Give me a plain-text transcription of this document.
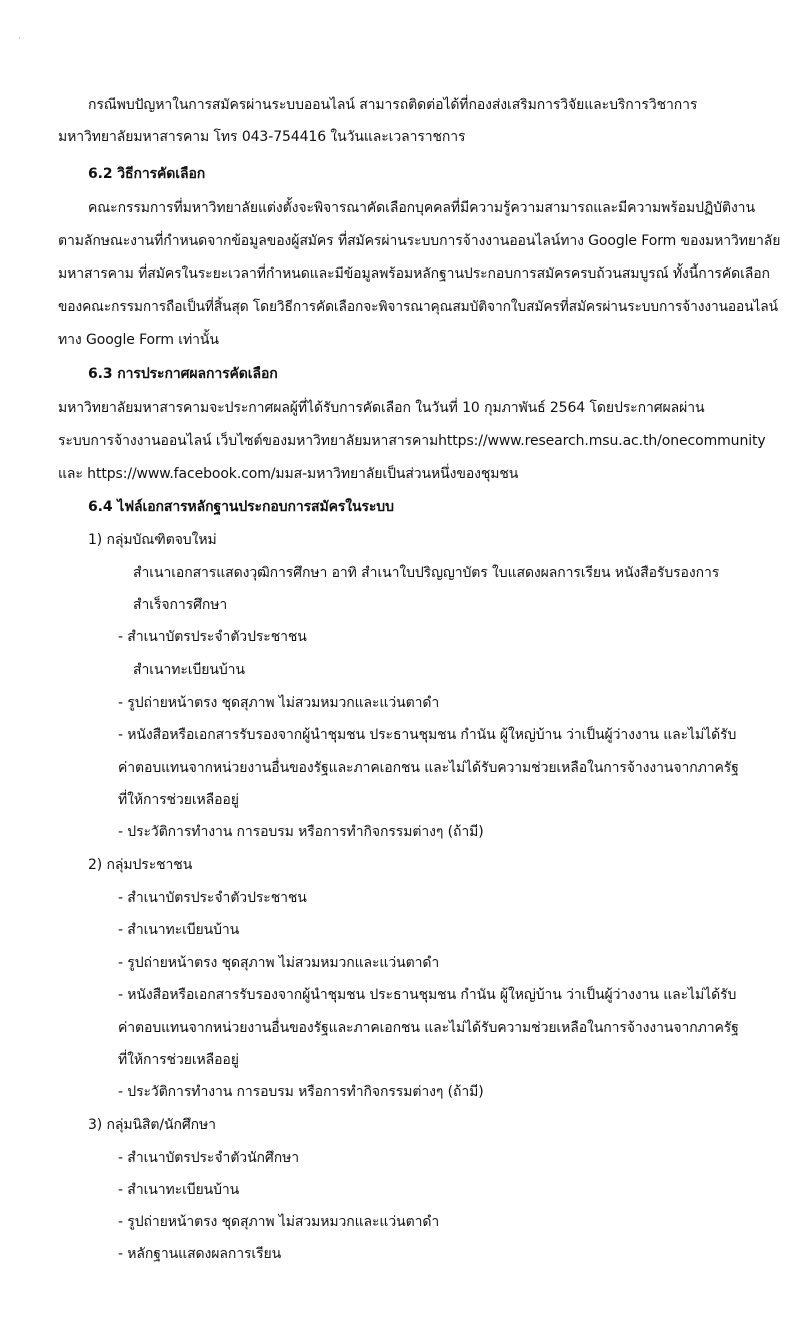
·
กรณีพบปัญหาในการสมัครผ่านระบบออนไลน์ สามารถติดต่อได้ที่กองส่งเสริมการวิจัยและบริการวิชาการ
มหาวิทยาลัยมหาสารคาม โทร 043-754416 ในวันและเวลาราชการ
6.2 วิธีการคัดเลือก
คณะกรรมการที่มหาวิทยาลัยแต่งตั้งจะพิจารณาคัดเลือกบุคคลที่มีความรู้ความสามารถและมีความพร้อมปฏิบัติงาน
ตามลักษณะงานที่กำหนดจากข้อมูลของผู้สมัคร ที่สมัครผ่านระบบการจ้างงานออนไลน์ทาง Google Form ของมหาวิทยาลัย
มหาสารคาม ที่สมัครในระยะเวลาที่กำหนดและมีข้อมูลพร้อมหลักฐานประกอบการสมัครครบถ้วนสมบูรณ์ ทั้งนี้การคัดเลือก
ของคณะกรรมการถือเป็นที่สิ้นสุด โดยวิธีการคัดเลือกจะพิจารณาคุณสมบัติจากใบสมัครที่สมัครผ่านระบบการจ้างงานออนไลน์
ทาง Google Form เท่านั้น
6.3 การประกาศผลการคัดเลือก
มหาวิทยาลัยมหาสารคามจะประกาศผลผู้ที่ได้รับการคัดเลือก ในวันที่ 10 กุมภาพันธ์ 2564 โดยประกาศผลผ่าน
ระบบการจ้างงานออนไลน์ เว็บไซต์ของมหาวิทยาลัยมหาสารคามhttps://www.research.msu.ac.th/onecommunity
และ https://www.facebook.com/มมส-มหาวิทยาลัยเป็นส่วนหนึ่งของชุมชน
6.4 ไฟล์เอกสารหลักฐานประกอบการสมัครในระบบ
1) กลุ่มบัณฑิตจบใหม่
สำเนาเอกสารแสดงวุฒิการศึกษา อาทิ สำเนาใบปริญญาบัตร ใบแสดงผลการเรียน หนังสือรับรองการ
สำเร็จการศึกษา
- สำเนาบัตรประจำตัวประชาชน
สำเนาทะเบียนบ้าน
- รูปถ่ายหน้าตรง ชุดสุภาพ ไม่สวมหมวกและแว่นตาดำ
- หนังสือหรือเอกสารรับรองจากผู้นำชุมชน ประธานชุมชน กำนัน ผู้ใหญ่บ้าน ว่าเป็นผู้ว่างงาน และไม่ได้รับ
ค่าตอบแทนจากหน่วยงานอื่นของรัฐและภาคเอกชน และไม่ได้รับความช่วยเหลือในการจ้างงานจากภาครัฐ
ที่ให้การช่วยเหลืออยู่
- ประวัติการทำงาน การอบรม หรือการทำกิจกรรมต่างๆ (ถ้ามี)
2) กลุ่มประชาชน
- สำเนาบัตรประจำตัวประชาชน
- สำเนาทะเบียนบ้าน
- รูปถ่ายหน้าตรง ชุดสุภาพ ไม่สวมหมวกและแว่นตาดำ
- หนังสือหรือเอกสารรับรองจากผู้นำชุมชน ประธานชุมชน กำนัน ผู้ใหญ่บ้าน ว่าเป็นผู้ว่างงาน และไม่ได้รับ
ค่าตอบแทนจากหน่วยงานอื่นของรัฐและภาคเอกชน และไม่ได้รับความช่วยเหลือในการจ้างงานจากภาครัฐ
ที่ให้การช่วยเหลืออยู่
- ประวัติการทำงาน การอบรม หรือการทำกิจกรรมต่างๆ (ถ้ามี)
3) กลุ่มนิสิต/นักศึกษา
- สำเนาบัตรประจำตัวนักศึกษา
- สำเนาทะเบียนบ้าน
- รูปถ่ายหน้าตรง ชุดสุภาพ ไม่สวมหมวกและแว่นตาดำ
- หลักฐานแสดงผลการเรียน
